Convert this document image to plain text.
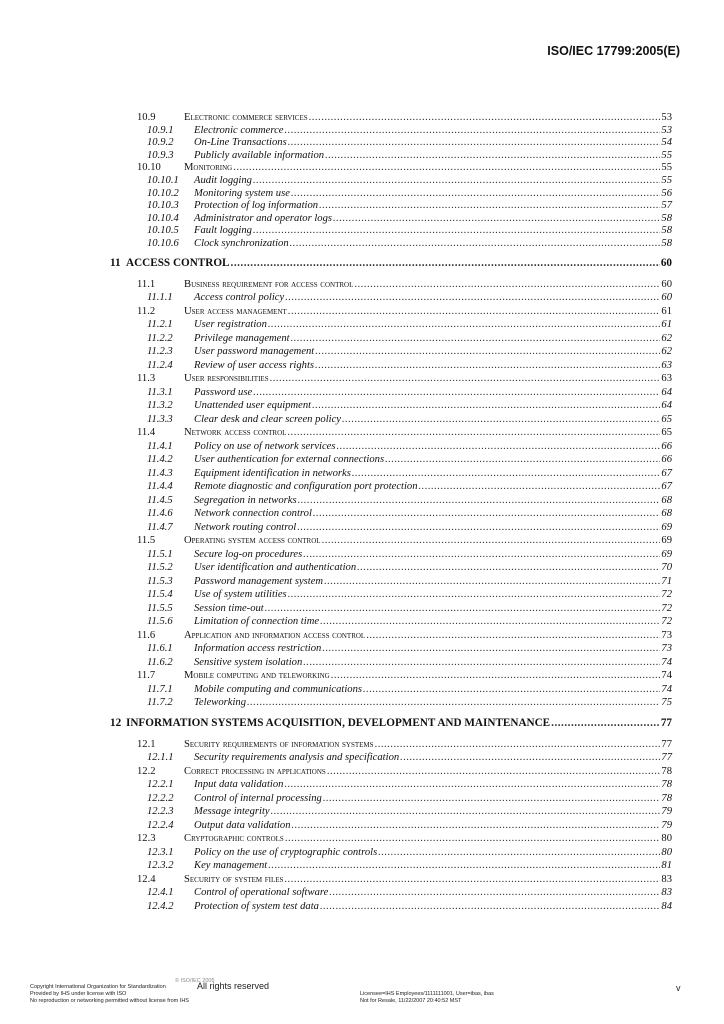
ISO/IEC 17799:2005(E)
10.9	Electronic commerce services .....	53
10.9.1	Electronic commerce .....	53
10.9.2	On-Line Transactions .....	54
10.9.3	Publicly available information .....	55
10.10	Monitoring .....	55
10.10.1	Audit logging .....	55
10.10.2	Monitoring system use .....	56
10.10.3	Protection of log information .....	57
10.10.4	Administrator and operator logs .....	58
10.10.5	Fault logging .....	58
10.10.6	Clock synchronization .....	58
11 ACCESS CONTROL .....	60
11.1	Business requirement for access control .....	60
11.1.1	Access control policy .....	60
11.2	User access management .....	61
11.2.1	User registration .....	61
11.2.2	Privilege management .....	62
11.2.3	User password management .....	62
11.2.4	Review of user access rights .....	63
11.3	User responsibilities .....	63
11.3.1	Password use .....	64
11.3.2	Unattended user equipment .....	64
11.3.3	Clear desk and clear screen policy .....	65
11.4	Network access control .....	65
11.4.1	Policy on use of network services .....	66
11.4.2	User authentication for external connections .....	66
11.4.3	Equipment identification in networks .....	67
11.4.4	Remote diagnostic and configuration port protection .....	67
11.4.5	Segregation in networks .....	68
11.4.6	Network connection control .....	68
11.4.7	Network routing control .....	69
11.5	Operating system access control .....	69
11.5.1	Secure log-on procedures .....	69
11.5.2	User identification and authentication .....	70
11.5.3	Password management system .....	71
11.5.4	Use of system utilities .....	72
11.5.5	Session time-out .....	72
11.5.6	Limitation of connection time .....	72
11.6	Application and information access control .....	73
11.6.1	Information access restriction .....	73
11.6.2	Sensitive system isolation .....	74
11.7	Mobile computing and teleworking .....	74
11.7.1	Mobile computing and communications .....	74
11.7.2	Teleworking .....	75
12 INFORMATION SYSTEMS ACQUISITION, DEVELOPMENT AND MAINTENANCE .....	77
12.1	Security requirements of information systems .....	77
12.1.1	Security requirements analysis and specification .....	77
12.2	Correct processing in applications .....	78
12.2.1	Input data validation .....	78
12.2.2	Control of internal processing .....	78
12.2.3	Message integrity .....	79
12.2.4	Output data validation .....	79
12.3	Cryptographic controls .....	80
12.3.1	Policy on the use of cryptographic controls .....	80
12.3.2	Key management .....	81
12.4	Security of system files .....	83
12.4.1	Control of operational software .....	83
12.4.2	Protection of system test data .....	84
Copyright International Organization for Standardization
Provided by IHS under license with ISO
No reproduction or networking permitted without license from IHS
© ISO/IEC 2005
All rights reserved	v
Licensee=IHS Employees/1111111001, User=ibas, ibas
Not for Resale, 11/22/2007 20:40:52 MST
